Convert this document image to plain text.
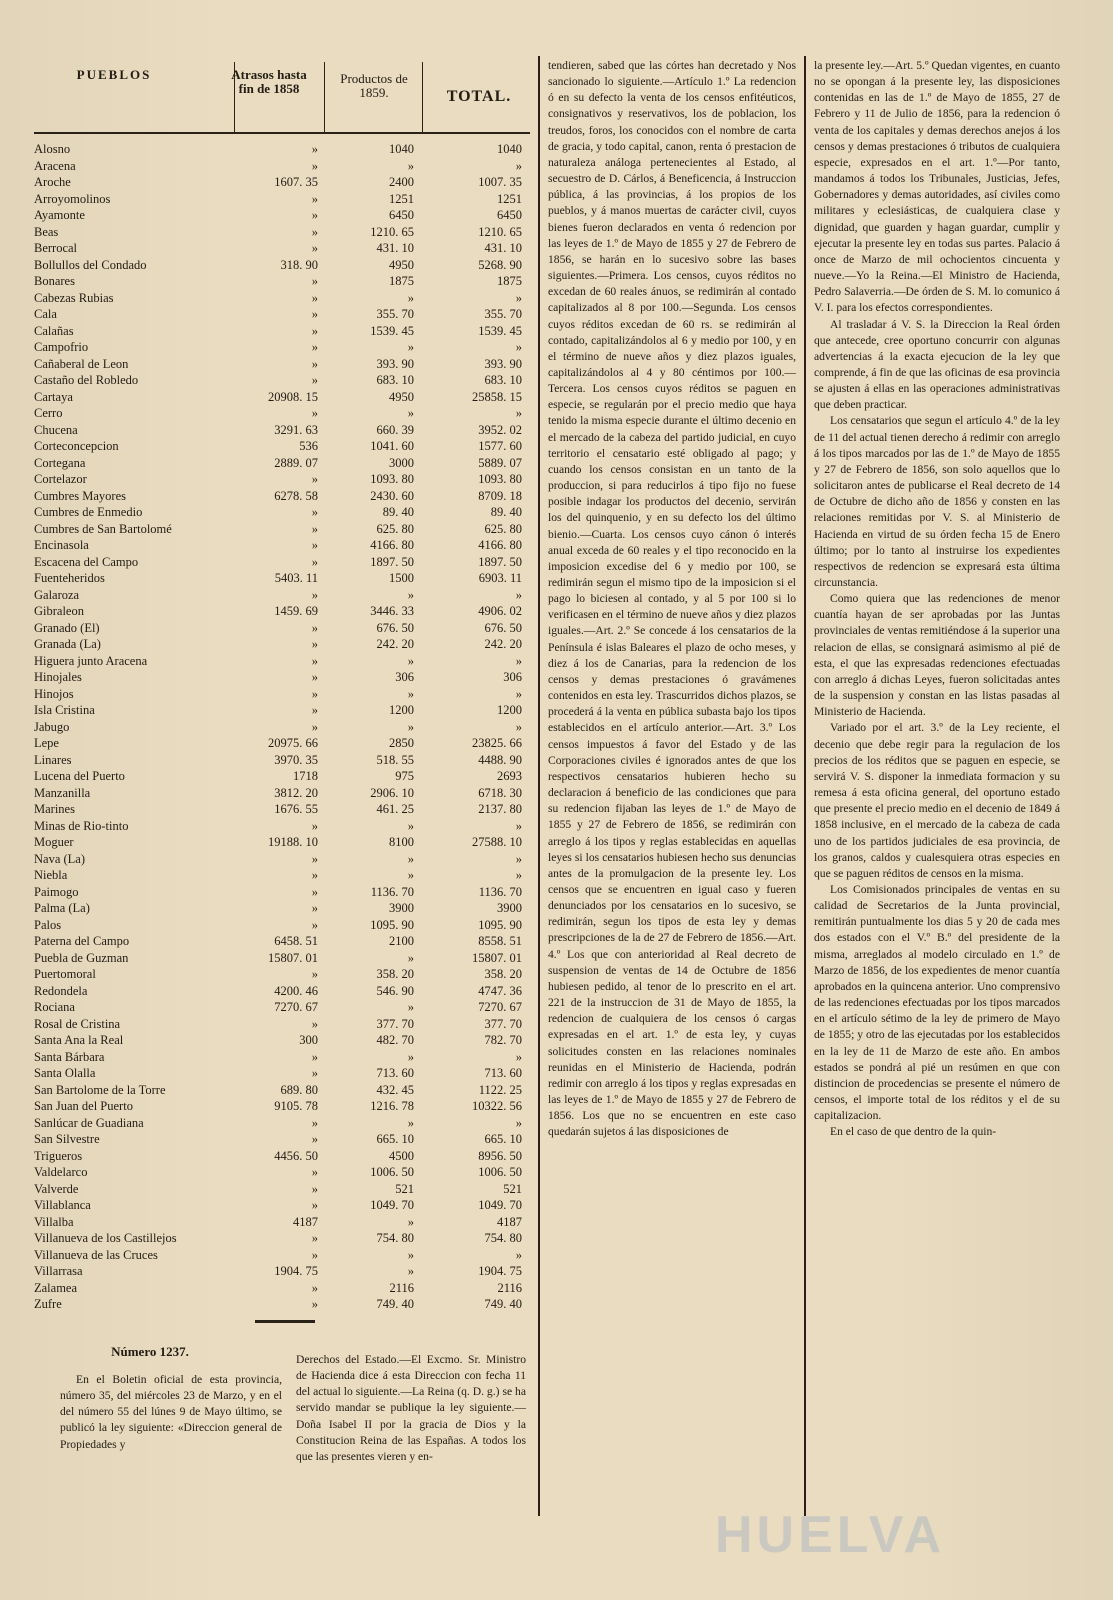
PUEBLOS	Atrasos hasta fin de 1858
Productos de 1859.	TOTAL.
Alosno	»	1040	1040
Aracena	»	»	»
Aroche	1607. 35	2400	1007. 35
Arroyomolinos	»	1251	1251
Ayamonte	»	6450	6450
Beas	»	1210. 65	1210. 65
Berrocal	»	431. 10	431. 10
Bollullos del Condado	318. 90	4950	5268. 90
Bonares	»	1875	1875
Cabezas Rubias	»	»	»
Cala	»	355. 70	355. 70
Calañas	»	1539. 45	1539. 45
Campofrio	»	»	»
Cañaberal de Leon	»	393. 90	393. 90
Castaño del Robledo	»	683. 10	683. 10
Cartaya	20908. 15	4950	25858. 15
Cerro	»	»	»
Chucena	3291. 63	660. 39	3952. 02
Corteconcepcion	536	1041. 60	1577. 60
Cortegana	2889. 07	3000	5889. 07
Cortelazor	»	1093. 80	1093. 80
Cumbres Mayores	6278. 58	2430. 60	8709. 18
Cumbres de Enmedio	»	89. 40	89. 40
Cumbres de San Bartolomé	»	625. 80	625. 80
Encinasola	»	4166. 80	4166. 80
Escacena del Campo	»	1897. 50	1897. 50
Fuenteheridos	5403. 11	1500	6903. 11
Galaroza	»	»	»
Gibraleon	1459. 69	3446. 33	4906. 02
Granado (El)	»	676. 50	676. 50
Granada (La)	»	242. 20	242. 20
Higuera junto Aracena	»	»	»
Hinojales	»	306	306
Hinojos	»	»	»
Isla Cristina	»	1200	1200
Jabugo	»	»	»
Lepe	20975. 66	2850	23825. 66
Linares	3970. 35	518. 55	4488. 90
Lucena del Puerto	1718	975	2693
Manzanilla	3812. 20	2906. 10	6718. 30
Marines	1676. 55	461. 25	2137. 80
Minas de Rio-tinto	»	»	»
Moguer	19188. 10	8100	27588. 10
Nava (La)	»	»	»
Niebla	»	»	»
Paimogo	»	1136. 70	1136. 70
Palma (La)	»	3900	3900
Palos	»	1095. 90	1095. 90
Paterna del Campo	6458. 51	2100	8558. 51
Puebla de Guzman	15807. 01	»	15807. 01
Puertomoral	»	358. 20	358. 20
Redondela	4200. 46	546. 90	4747. 36
Rociana	7270. 67	»	7270. 67
Rosal de Cristina	»	377. 70	377. 70
Santa Ana la Real	300	482. 70	782. 70
Santa Bárbara	»	»	»
Santa Olalla	»	713. 60	713. 60
San Bartolome de la Torre	689. 80	432. 45	1122. 25
San Juan del Puerto	9105. 78	1216. 78	10322. 56
Sanlúcar de Guadiana	»	»	»
San Silvestre	»	665. 10	665. 10
Trigueros	4456. 50	4500	8956. 50
Valdelarco	»	1006. 50	1006. 50
Valverde	»	521	521
Villablanca	»	1049. 70	1049. 70
Villalba	4187	»	4187
Villanueva de los Castillejos	»	754. 80	754. 80
Villanueva de las Cruces	»	»	»
Villarrasa	1904. 75	»	1904. 75
Zalamea	»	2116	2116
Zufre	»	749. 40	749. 40
Número 1237.

En el Boletin oficial de esta provincia, número 35, del miércoles 23 de Marzo, y en el del número 55 del lúnes 9 de Mayo último, se publicó la ley siguiente: «Direccion general de Propiedades y

Derechos del Estado.—El Excmo. Sr. Ministro de Hacienda dice á esta Direccion con fecha 11 del actual lo siguiente.—La Reina (q. D. g.) se ha servido mandar se publique la ley siguiente.—Doña Isabel II por la gracia de Dios y la Constitucion Reina de las Españas. A todos los que las presentes vieren y en-

tendieren, sabed que las córtes han decretado y Nos sancionado lo siguiente.—Artículo 1.º La redencion ó en su defecto la venta de los censos enfitéuticos, consignativos y reservativos, los de poblacion, los treudos, foros, los conocidos con el nombre de carta de gracia, y todo capital, canon, renta ó prestacion de naturaleza análoga pertenecientes al Estado, al secuestro de D. Cárlos, á Beneficencia, á Instruccion pública, á las provincias, á los propios de los pueblos, y á manos muertas de carácter civil, cuyos bienes fueron declarados en venta ó redencion por las leyes de 1.º de Mayo de 1855 y 27 de Febrero de 1856, se harán en lo sucesivo sobre las bases siguientes.—Primera. Los censos, cuyos réditos no excedan de 60 reales ánuos, se redimirán al contado capitalizados al 8 por 100.—Segunda. Los censos cuyos réditos excedan de 60 rs. se redimirán al contado, capitalizándolos al 6 y medio por 100, y en el término de nueve años y diez plazos iguales, capitalizándolos al 4 y 80 céntimos por 100.—Tercera. Los censos cuyos réditos se paguen en especie, se regularán por el precio medio que haya tenido la misma especie durante el último decenio en el mercado de la cabeza del partido judicial, en cuyo territorio el censatario esté obligado al pago; y cuando los censos consistan en un tanto de la produccion, si para reducirlos á tipo fijo no fuese posible indagar los productos del decenio, servirán los del quinquenio, y en su defecto los del último bienio.—Cuarta. Los censos cuyo cánon ó interés anual exceda de 60 reales y el tipo reconocido en la imposicion excedise del 6 y medio por 100, se redimirán segun el mismo tipo de la imposicion si el pago lo biciesen al contado, y al 5 por 100 si lo verificasen en el término de nueve años y diez plazos iguales.—Art. 2.º Se concede á los censatarios de la Península é islas Baleares el plazo de ocho meses, y diez á los de Canarias, para la redencion de los censos y demas prestaciones ó gravámenes contenidos en esta ley. Trascurridos dichos plazos, se procederá á la venta en pública subasta bajo los tipos establecidos en el artículo anterior.—Art. 3.º Los censos impuestos á favor del Estado y de las Corporaciones civiles é ignorados antes de que los respectivos censatarios hubieren hecho su declaracion á beneficio de las condiciones que para su redencion fijaban las leyes de 1.º de Mayo de 1855 y 27 de Febrero de 1856, se redimirán con arreglo á los tipos y reglas establecidas en aquellas leyes si los censatarios hubiesen hecho sus denuncias antes de la promulgacion de la presente ley. Los censos que se encuentren en igual caso y fueren denunciados por los censatarios en lo sucesivo, se redimirán, segun los tipos de esta ley y demas prescripciones de la de 27 de Febrero de 1856.—Art. 4.º Los que con anterioridad al Real decreto de suspension de ventas de 14 de Octubre de 1856 hubiesen pedido, al tenor de lo prescrito en el art. 221 de la instruccion de 31 de Mayo de 1855, la redencion de cualquiera de los censos ó cargas expresadas en el art. 1.º de esta ley, y cuyas solicitudes consten en las relaciones nominales reunidas en el Ministerio de Hacienda, podrán redimir con arreglo á los tipos y reglas expresadas en las leyes de 1.º de Mayo de 1855 y 27 de Febrero de 1856. Los que no se encuentren en este caso quedarán sujetos á las disposiciones de

la presente ley.—Art. 5.º Quedan vigentes, en cuanto no se opongan á la presente ley, las disposiciones contenidas en las de 1.º de Mayo de 1855, 27 de Febrero y 11 de Julio de 1856, para la redencion ó venta de los capitales y demas derechos anejos á los censos y demas prestaciones ó tributos de cualquiera especie, expresados en el art. 1.º—Por tanto, mandamos á todos los Tribunales, Justicias, Jefes, Gobernadores y demas autoridades, así civiles como militares y eclesiásticas, de cualquiera clase y dignidad, que guarden y hagan guardar, cumplir y ejecutar la presente ley en todas sus partes. Palacio á once de Marzo de mil ochocientos cincuenta y nueve.—Yo la Reina.—El Ministro de Hacienda, Pedro Salaverria.—De órden de S. M. lo comunico á V. I. para los efectos correspondientes.

Al trasladar á V. S. la Direccion la Real órden que antecede, cree oportuno concurrir con algunas advertencias á la exacta ejecucion de la ley que comprende, á fin de que las oficinas de esa provincia se ajusten á ellas en las operaciones administrativas que deben practicar.

Los censatarios que segun el artículo 4.º de la ley de 11 del actual tienen derecho á redimir con arreglo á los tipos marcados por las de 1.º de Mayo de 1855 y 27 de Febrero de 1856, son solo aquellos que lo solicitaron antes de publicarse el Real decreto de 14 de Octubre de dicho año de 1856 y consten en las relaciones remitidas por V. S. al Ministerio de Hacienda en virtud de su órden fecha 15 de Enero último; por lo tanto al instruirse los expedientes respectivos de redencion se expresará esta última circunstancia.

Como quiera que las redenciones de menor cuantía hayan de ser aprobadas por las Juntas provinciales de ventas remitiéndose á la superior una relacion de ellas, se consignará asimismo al pié de esta, el que las expresadas redenciones efectuadas con arreglo á dichas Leyes, fueron solicitadas antes de la suspension y constan en las listas pasadas al Ministerio de Hacienda.

Variado por el art. 3.º de la Ley reciente, el decenio que debe regir para la regulacion de los precios de los réditos que se paguen en especie, se servirá V. S. disponer la inmediata formacion y su remesa á esta oficina general, del oportuno estado que presente el precio medio en el decenio de 1849 á 1858 inclusive, en el mercado de la cabeza de cada uno de los partidos judiciales de esa provincia, de los granos, caldos y cualesquiera otras especies en que se paguen réditos de censos en la misma.

Los Comisionados principales de ventas en su calidad de Secretarios de la Junta provincial, remitirán puntualmente los dias 5 y 20 de cada mes dos estados con el V.º B.º del presidente de la misma, arreglados al modelo circulado en 1.º de Marzo de 1856, de los expedientes de menor cuantía aprobados en la quincena anterior. Uno comprensivo de las redenciones efectuadas por los tipos marcados en el artículo sétimo de la ley de primero de Mayo de 1855; y otro de las ejecutadas por los establecidos en la ley de 11 de Marzo de este año. En ambos estados se pondrá al pié un resúmen en que con distincion de procedencias se presente el número de censos, el importe total de los réditos y el de su capitalizacion.

En el caso de que dentro de la quin-

HUELVA
